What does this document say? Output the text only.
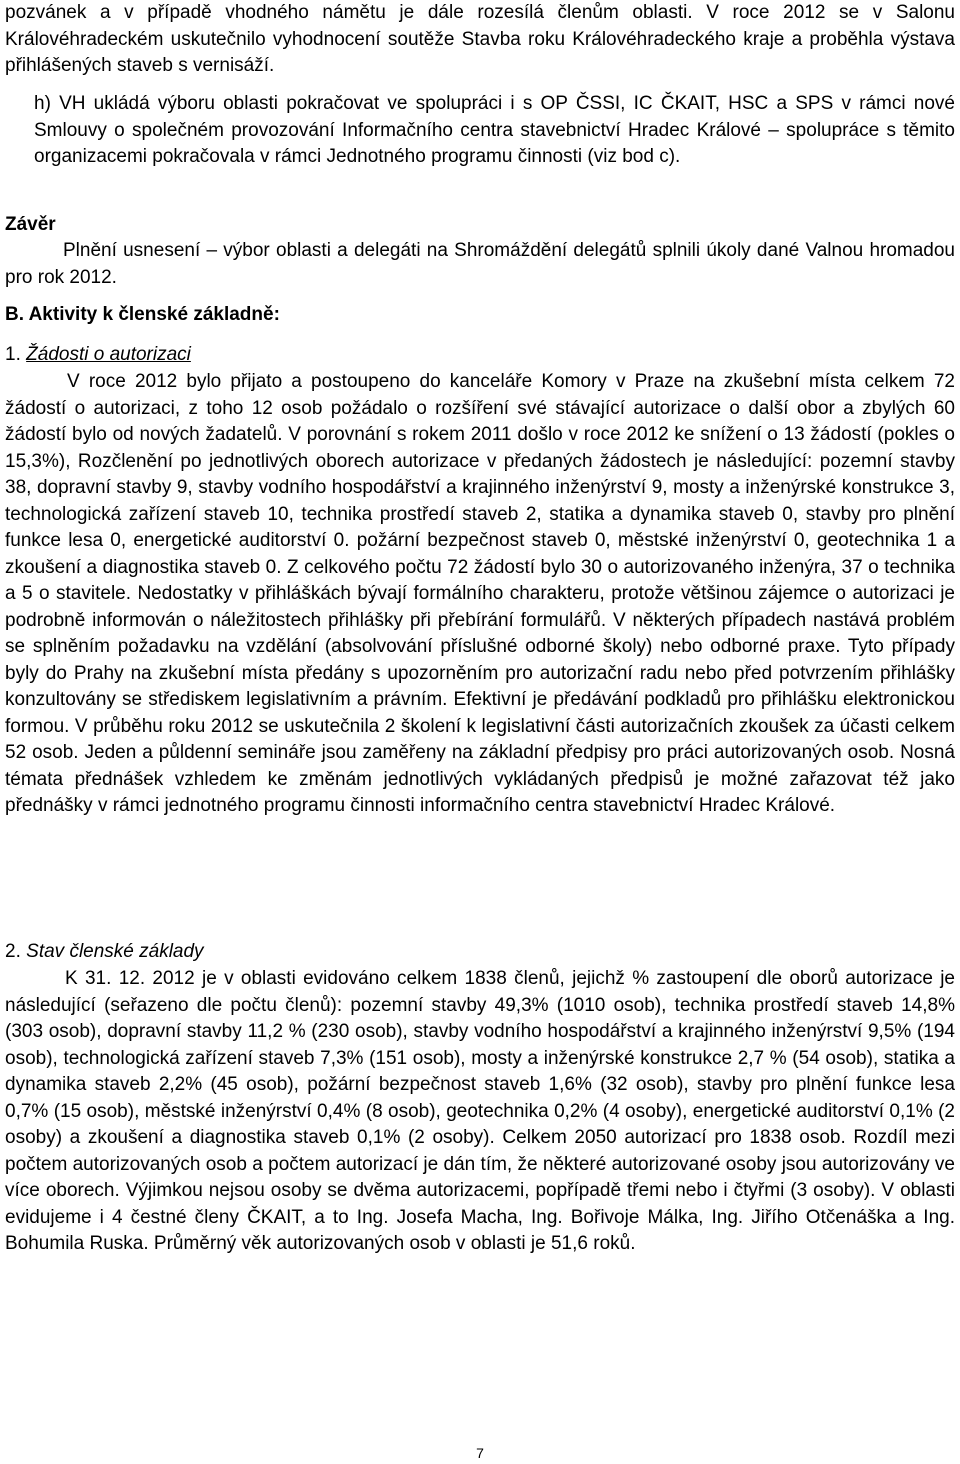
pozvánek a v případě vhodného námětu je dále rozesílá členům oblasti. V roce 2012 se v Salonu Královéhradeckém uskutečnilo vyhodnocení soutěže Stavba roku Královéhradeckého kraje a proběhla výstava přihlášených staveb s vernisáží.

h) VH ukládá výboru oblasti pokračovat ve spolupráci i s OP ČSSI, IC ČKAIT, HSC a SPS v rámci nové Smlouvy o společném provozování Informačního centra stavebnictví Hradec Králové – spolupráce s těmito organizacemi pokračovala v rámci Jednotného programu činnosti (viz bod c).

Závěr

Plnění usnesení – výbor oblasti a delegáti na Shromáždění delegátů splnili úkoly dané Valnou hromadou pro rok 2012.

B. Aktivity k členské základně:

1. Žádosti o autorizaci

V roce 2012 bylo přijato a postoupeno do kanceláře Komory v Praze na zkušební místa celkem 72 žádostí o autorizaci, z toho 12 osob požádalo o rozšíření své stávající autorizace o další obor a zbylých 60 žádostí bylo od nových žadatelů. V porovnání s rokem 2011 došlo v roce 2012 ke snížení o 13 žádostí (pokles o 15,3%), Rozčlenění po jednotlivých oborech autorizace v předaných žádostech je následující: pozemní stavby 38, dopravní stavby 9, stavby vodního hospodářství a krajinného inženýrství 9, mosty a inženýrské konstrukce 3, technologická zařízení staveb 10, technika prostředí staveb 2, statika a dynamika staveb 0, stavby pro plnění funkce lesa 0, energetické auditorství 0. požární bezpečnost staveb 0, městské inženýrství 0, geotechnika 1 a zkoušení a diagnostika staveb 0. Z celkového počtu 72 žádostí bylo 30 o autorizovaného inženýra, 37 o technika a 5 o stavitele. Nedostatky v přihláškách bývají formálního charakteru, protože většinou zájemce o autorizaci je podrobně informován o náležitostech přihlášky při přebírání formulářů. V některých případech nastává problém se splněním požadavku na vzdělání (absolvování příslušné odborné školy) nebo odborné praxe. Tyto případy byly do Prahy na zkušební místa předány s upozorněním pro autorizační radu nebo před potvrzením přihlášky konzultovány se střediskem legislativním a právním. Efektivní je předávání podkladů pro přihlášku elektronickou formou. V průběhu roku 2012 se uskutečnila 2 školení k legislativní části autorizačních zkoušek za účasti celkem 52 osob. Jeden a půldenní semináře jsou zaměřeny na základní předpisy pro práci autorizovaných osob. Nosná témata přednášek vzhledem ke změnám jednotlivých vykládaných předpisů je možné zařazovat též jako přednášky v rámci jednotného programu činnosti informačního centra stavebnictví Hradec Králové.

2. Stav členské základy

K 31. 12. 2012 je v oblasti evidováno celkem 1838 členů, jejichž % zastoupení dle oborů autorizace je následující (seřazeno dle počtu členů): pozemní stavby 49,3% (1010 osob), technika prostředí staveb 14,8% (303 osob), dopravní stavby 11,2 % (230 osob), stavby vodního hospodářství a krajinného inženýrství 9,5% (194 osob), technologická zařízení staveb 7,3% (151 osob), mosty a inženýrské konstrukce 2,7 % (54 osob), statika a dynamika staveb 2,2% (45 osob), požární bezpečnost staveb 1,6% (32 osob), stavby pro plnění funkce lesa 0,7% (15 osob), městské inženýrství 0,4% (8 osob), geotechnika 0,2% (4 osoby), energetické auditorství 0,1% (2 osoby) a zkoušení a diagnostika staveb 0,1% (2 osoby). Celkem 2050 autorizací pro 1838 osob. Rozdíl mezi počtem autorizovaných osob a počtem autorizací je dán tím, že některé autorizované osoby jsou autorizovány ve více oborech. Výjimkou nejsou osoby se dvěma autorizacemi, popřípadě třemi nebo i čtyřmi (3 osoby). V oblasti evidujeme i 4 čestné členy ČKAIT, a to Ing. Josefa Macha, Ing. Bořivoje Málka, Ing. Jiřího Otčenáška a Ing. Bohumila Ruska. Průměrný věk autorizovaných osob v oblasti je 51,6 roků.

7
